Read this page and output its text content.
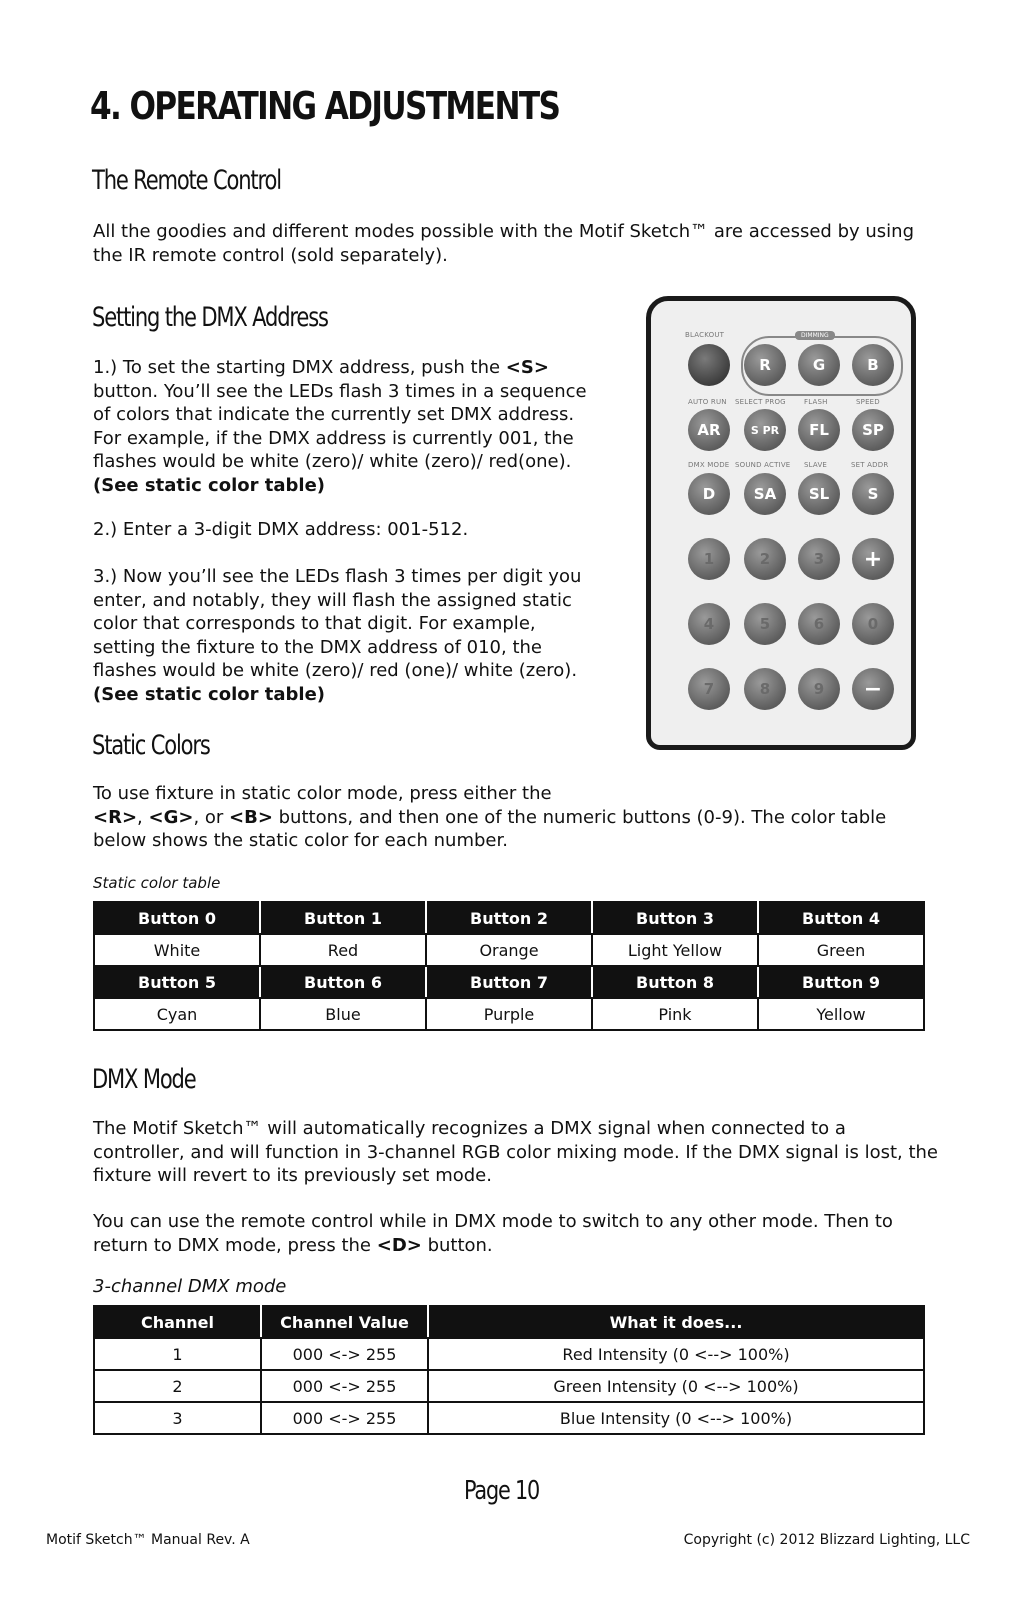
4. OPERATING ADJUSTMENTS
The Remote Control

All the goodies and different modes possible with the Motif Sketch™ are accessed by using the IR remote control (sold separately).

Setting the DMX Address

1.) To set the starting DMX address, push the <S> button. You’ll see the LEDs flash 3 times in a sequence of colors that indicate the currently set DMX address. For example, if the DMX address is currently 001, the flashes would be white (zero)/ white (zero)/ red(one). (See static color table)

2.) Enter a 3-digit DMX address: 001-512.

3.) Now you’ll see the LEDs flash 3 times per digit you enter, and notably, they will flash the assigned static color that corresponds to that digit. For example, setting the fixture to the DMX address of 010, the flashes would be white (zero)/ red (one)/ white (zero). (See static color table)

BLACKOUT	DIMMING
R	G	B
AUTO RUN SELECT PROG	FLASH	SPEED
AR	S PR	FL	SP
DMX MODE SOUND ACTIVE SLAVE	SET ADDR
D	SA	SL	S
1	2	3	+
4	5	6	0
7	8	9	−
Static Colors

To use fixture in static color mode, press either the
<R>, <G>, or <B> buttons, and then one of the numeric buttons (0-9). The color table below shows the static color for each number.

Static color table

Button 0	Button 1	Button 2	Button 3	Button 4
White	Red	Orange	Light Yellow	Green
Button 5	Button 6	Button 7	Button 8	Button 9
Cyan	Blue	Purple	Pink	Yellow
DMX Mode

The Motif Sketch™ will automatically recognizes a DMX signal when connected to a controller, and will function in 3-channel RGB color mixing mode. If the DMX signal is lost, the fixture will revert to its previously set mode.

You can use the remote control while in DMX mode to switch to any other mode. Then to return to DMX mode, press the <D> button.

3-channel DMX mode

Channel	Channel Value	What it does...
1	000 <-> 255	Red Intensity (0 <--> 100%)
2	000 <-> 255	Green Intensity (0 <--> 100%)
3	000 <-> 255	Blue Intensity (0 <--> 100%)
Page 10
Motif Sketch™ Manual Rev. A	Copyright (c) 2012 Blizzard Lighting, LLC
